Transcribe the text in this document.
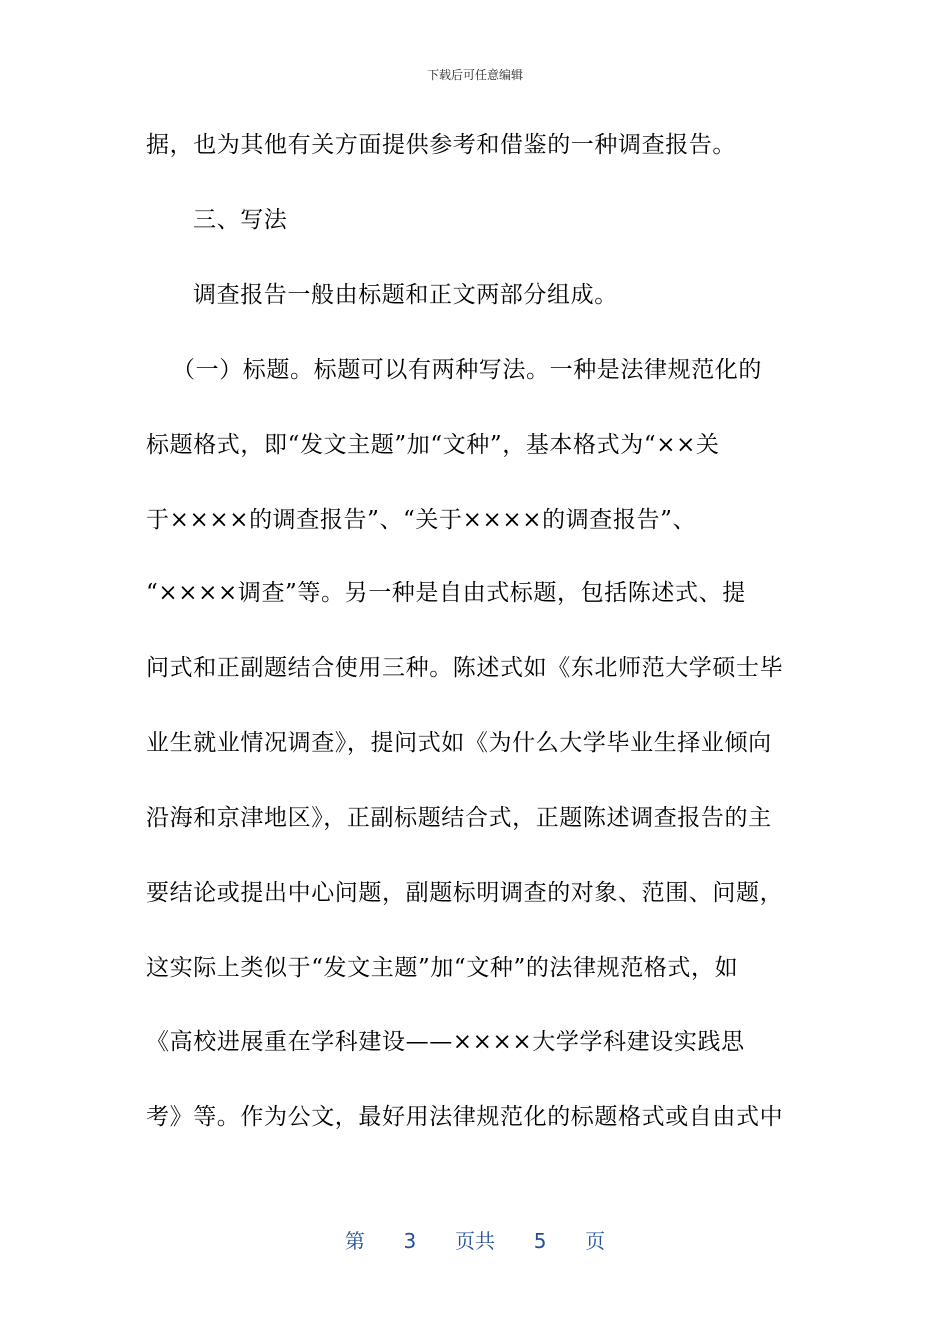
下载后可任意编辑
据，也为其他有关方面提供参考和借鉴的一种调查报告。
三、写法
调查报告一般由标题和正文两部分组成。
（一）标题。标题可以有两种写法。一种是法律规范化的
标题格式，即“发文主题”加“文种”，基本格式为“××关
于××××的调查报告”、“关于××××的调查报告”、
“××××调查”等。另一种是自由式标题，包括陈述式、提
问式和正副题结合使用三种。陈述式如《东北师范大学硕士毕
业生就业情况调查》，提问式如《为什么大学毕业生择业倾向
沿海和京津地区》，正副标题结合式，正题陈述调查报告的主
要结论或提出中心问题，副题标明调查的对象、范围、问题，
这实际上类似于“发文主题”加“文种”的法律规范格式，如
《高校进展重在学科建设——××××大学学科建设实践思
考》等。作为公文，最好用法律规范化的标题格式或自由式中
第 3 页共 5 页
